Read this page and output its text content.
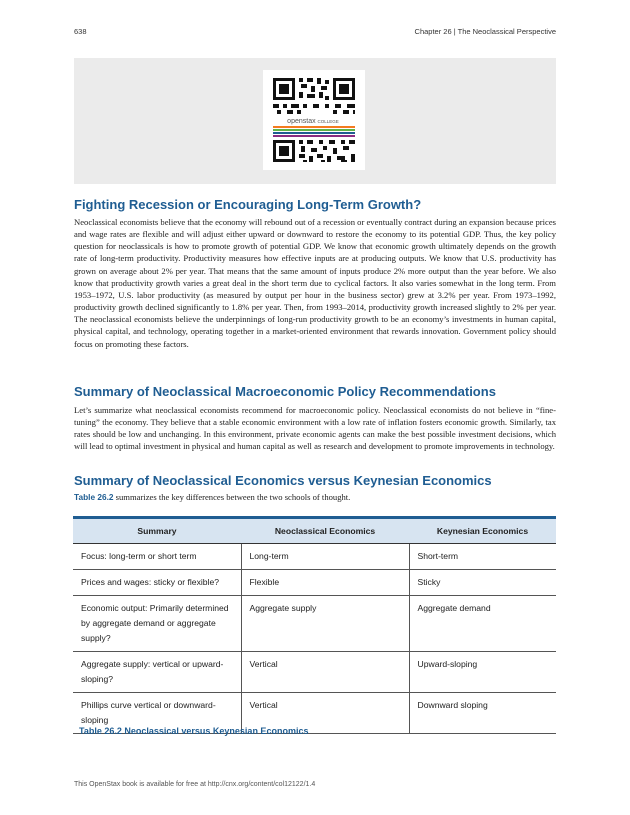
638	Chapter 26 | The Neoclassical Perspective
openstax COLLEGE
Fighting Recession or Encouraging Long-Term Growth?

Neoclassical economists believe that the economy will rebound out of a recession or eventually contract during an expansion because prices and wage rates are flexible and will adjust either upward or downward to restore the economy to its potential GDP. Thus, the key policy question for neoclassicals is how to promote growth of potential GDP. We know that economic growth ultimately depends on the growth rate of long-term productivity. Productivity measures how effective inputs are at producing outputs. We know that U.S. productivity has grown on average about 2% per year. That means that the same amount of inputs produce 2% more output than the year before. We also know that productivity growth varies a great deal in the short term due to cyclical factors. It also varies somewhat in the long term. From 1953–1972, U.S. labor productivity (as measured by output per hour in the business sector) grew at 3.2% per year. From 1973–1992, productivity growth declined significantly to 1.8% per year. Then, from 1993–2014, productivity growth increased slightly to 2% per year. The neoclassical economists believe the underpinnings of long-run productivity growth to be an economy’s investments in human capital, physical capital, and technology, operating together in a market-oriented environment that rewards innovation. Government policy should focus on promoting these factors.

Summary of Neoclassical Macroeconomic Policy Recommendations

Let’s summarize what neoclassical economists recommend for macroeconomic policy. Neoclassical economists do not believe in “fine-tuning” the economy. They believe that a stable economic environment with a low rate of inflation fosters economic growth. Similarly, tax rates should be low and unchanging. In this environment, private economic agents can make the best possible investment decisions, which will lead to optimal investment in physical and human capital as well as research and development to promote improvements in technology.

Summary of Neoclassical Economics versus Keynesian Economics
Table 26.2 summarizes the key differences between the two schools of thought.
Summary	Neoclassical Economics	Keynesian Economics
Focus: long-term or short term	Long-term	Short-term
Prices and wages: sticky or flexible?	Flexible	Sticky
Economic output: Primarily determined by aggregate demand or aggregate supply?	Aggregate supply	Aggregate demand
Aggregate supply: vertical or upward-sloping?	Vertical	Upward-sloping
Phillips curve vertical or downward-sloping	Vertical	Downward sloping
Table 26.2 Neoclassical versus Keynesian Economics
This OpenStax book is available for free at http://cnx.org/content/col12122/1.4
